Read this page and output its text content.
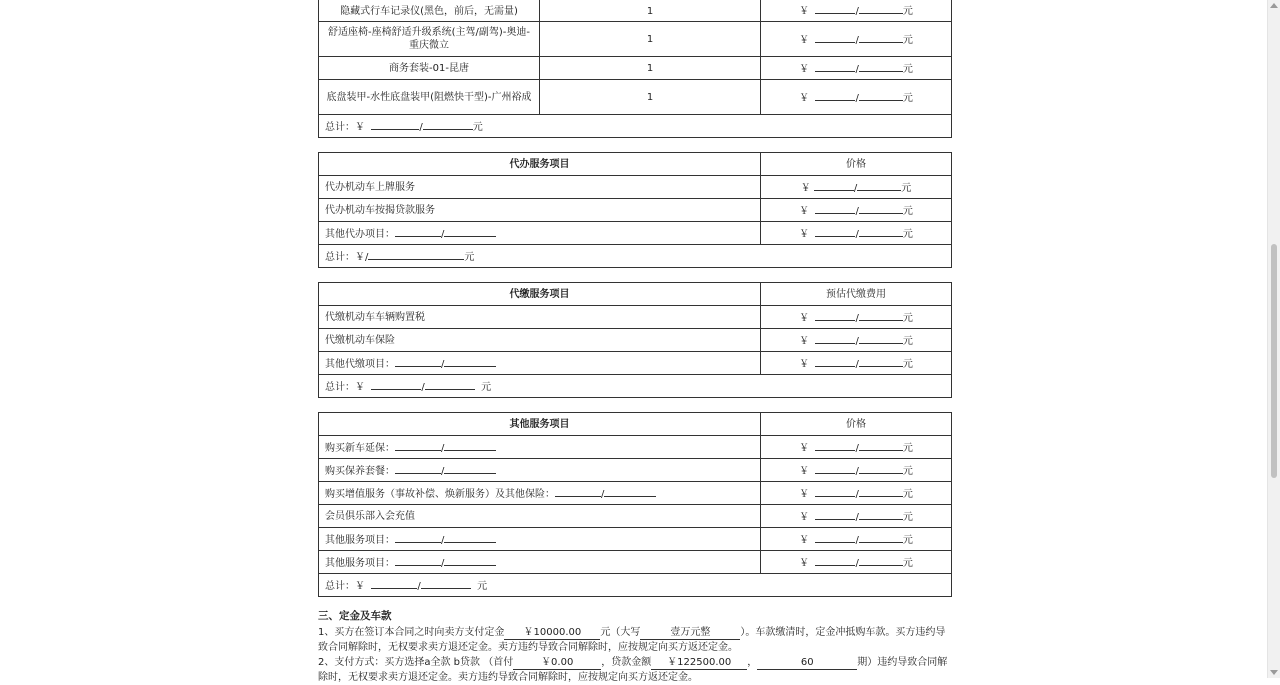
隐藏式行车记录仪(黑色，前后，无需量)	1	￥ / 元
舒适座椅-座椅舒适升级系统(主驾/副驾)-奥迪-重庆微立	1	￥ / 元
商务套装-01-昆唐	1	￥ / 元
底盘装甲-水性底盘装甲(阻燃快干型)-广州裕成	1	￥ / 元
总计：￥ / 元		
代办服务项目	价格
代办机动车上牌服务	￥ / 元
代办机动车按揭贷款服务	￥ / 元
其他代办项目： /	￥ / 元
总计：￥/ 元	
代缴服务项目	预估代缴费用
代缴机动车车辆购置税	￥ / 元
代缴机动车保险	￥ / 元
其他代缴项目： /	￥ / 元
总计：￥ / 元	
其他服务项目	价格
购买新车延保： /	￥ / 元
购买保养套餐： /	￥ / 元
购买增值服务（事故补偿、焕新服务）及其他保险： /	￥ / 元
会员俱乐部入会充值	￥ / 元
其他服务项目： /	￥ / 元
其他服务项目： /	￥ / 元
总计：￥ / 元	
三、定金及车款

1、买方在签订本合同之时向卖方支付定金 ￥10000.00 元（大写	壹万元整	）。车款缴清时，定金冲抵购车款。买方违约导致合同解除时，无权要求卖方退还定金。卖方违约导致合同解除时，应按规定向买方返还定金。

2、支付方式：买方选择a全款 b贷款 （首付	￥0.00	，贷款金额 ￥122500.00 ，	60	期）违约导致合同解除时，无权要求卖方退还定金。卖方违约导致合同解除时，应按规定向买方返还定金。
